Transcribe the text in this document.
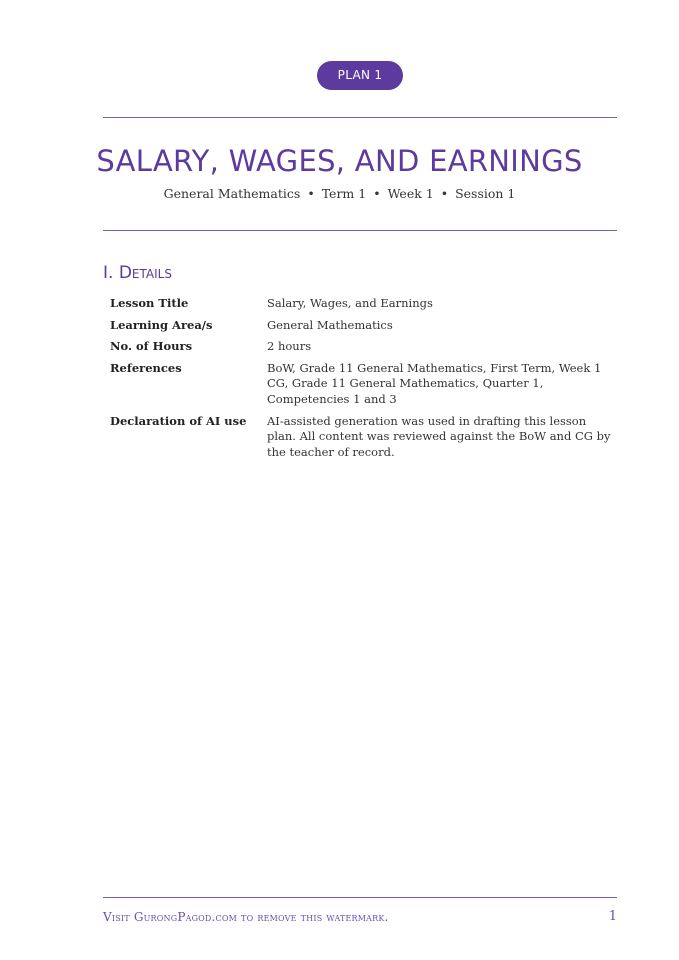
PLAN 1
SALARY, WAGES, AND EARNINGS
General Mathematics • Term 1 • Week 1 • Session 1
I. Details
Lesson Title	Salary, Wages, and Earnings
Learning Area/s	General Mathematics
No. of Hours	2 hours
References	BoW, Grade 11 General Mathematics, First Term, Week 1
CG, Grade 11 General Mathematics, Quarter 1, Competencies 1 and 3
Declaration of AI use	AI-assisted generation was used in drafting this lesson plan. All content was reviewed against the BoW and CG by the teacher of record.
Visit GurongPagod.com to remove this watermark.	1
